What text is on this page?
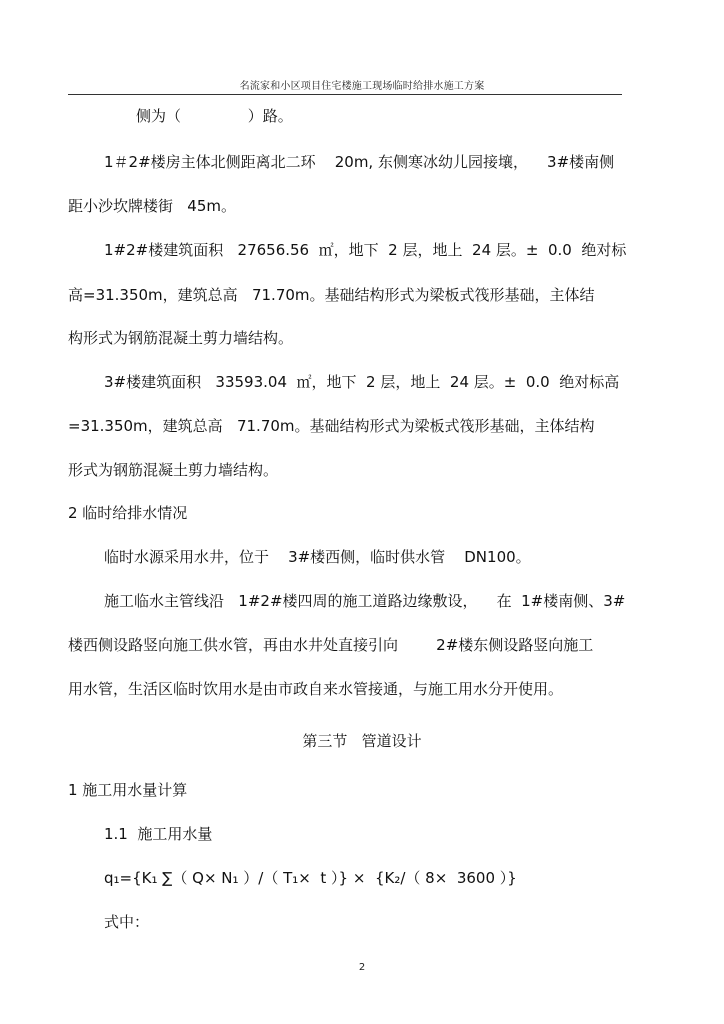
名流家和小区项目住宅楼施工现场临时给排水施工方案
侧为（              ）路。
1＃2#楼房主体北侧距离北二环    20m, 东侧寒冰幼儿园接壤，    3#楼南侧
距小沙坎牌楼街   45m。
1#2#楼建筑面积   27656.56  ㎡，地下  2 层，地上  24 层。±  0.0  绝对标
高=31.350m，建筑总高   71.70m。基础结构形式为梁板式筏形基础，主体结
构形式为钢筋混凝土剪力墙结构。
3#楼建筑面积   33593.04  ㎡，地下  2 层，地上  24 层。±  0.0  绝对标高
=31.350m，建筑总高   71.70m。基础结构形式为梁板式筏形基础，主体结构
形式为钢筋混凝土剪力墙结构。
2 临时给排水情况
临时水源采用水井，位于    3#楼西侧，临时供水管    DN100。
施工临水主管线沿   1#2#楼四周的施工道路边缘敷设，    在  1#楼南侧、3#
楼西侧设路竖向施工供水管，再由水井处直接引向        2#楼东侧设路竖向施工
用水管，生活区临时饮用水是由市政自来水管接通，与施工用水分开使用。
第三节   管道设计
1 施工用水量计算
1.1  施工用水量
q₁={K₁ ∑（ Q× N₁ ）/（ T₁×  t ）} ×  {K₂/（ 8×  3600 ）}
式中：
2
